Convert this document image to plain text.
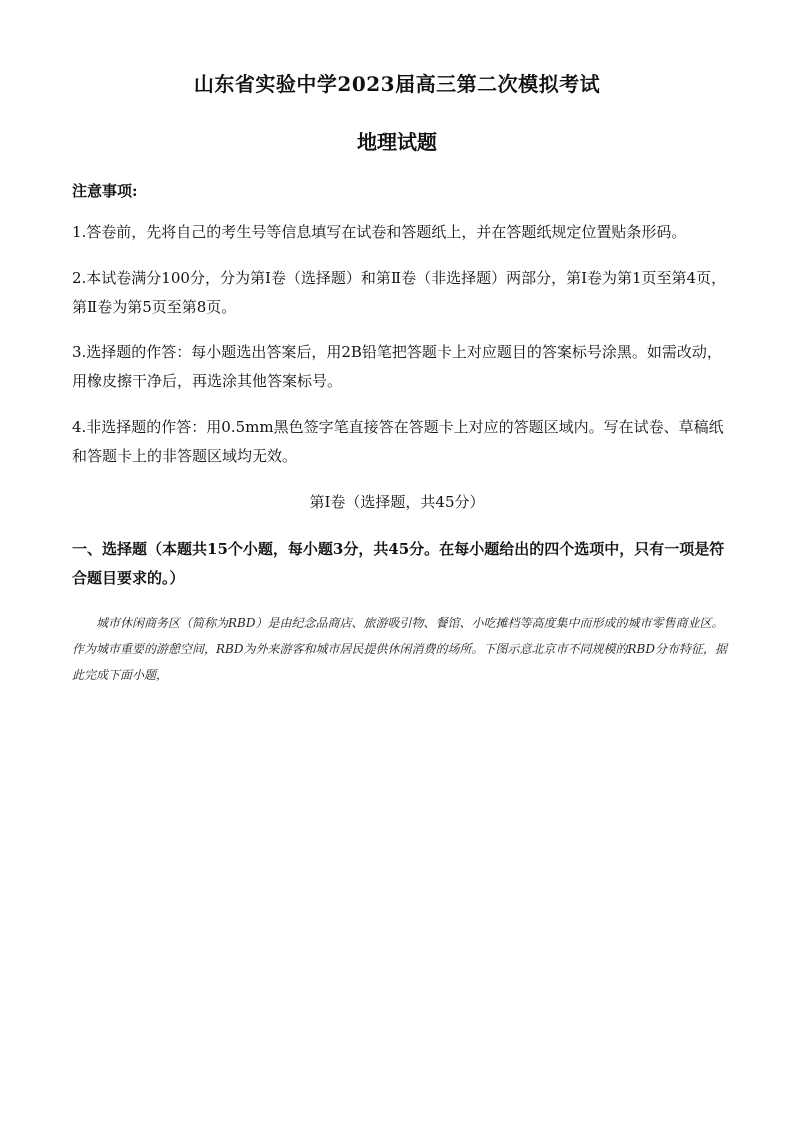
山东省实验中学2023届高三第二次模拟考试
地理试题
注意事项:
1.答卷前，先将自己的考生号等信息填写在试卷和答题纸上，并在答题纸规定位置贴条形码。
2.本试卷满分100分，分为第Ⅰ卷（选择题）和第Ⅱ卷（非选择题）两部分，第Ⅰ卷为第1页至第4页，第Ⅱ卷为第5页至第8页。
3.选择题的作答：每小题选出答案后，用2B铅笔把答题卡上对应题目的答案标号涂黑。如需改动，用橡皮擦干净后，再选涂其他答案标号。
4.非选择题的作答：用0.5mm黑色签字笔直接答在答题卡上对应的答题区域内。写在试卷、草稿纸和答题卡上的非答题区域均无效。
第Ⅰ卷（选择题，共45分）
一、选择题（本题共15个小题，每小题3分，共45分。在每小题给出的四个选项中，只有一项是符合题目要求的。）
城市休闲商务区（简称为RBD）是由纪念品商店、旅游吸引物、餐馆、小吃摊档等高度集中而形成的城市零售商业区。作为城市重要的游憩空间，RBD为外来游客和城市居民提供休闲消费的场所。下图示意北京市不同规模的RBD分布特征，据此完成下面小题，
